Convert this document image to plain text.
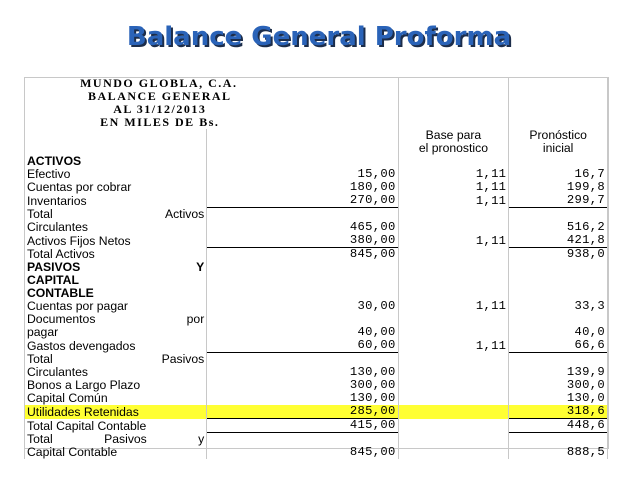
Balance General Proforma
MUNDO GLOBLA, C.A.			
BALANCE GENERAL			
AL 31/12/2013			
EN MILES DE Bs.			
		Base para	Pronóstico
		el pronostico	inicial
ACTIVOS			
Efectivo	15,00	1,11	16,7
Cuentas por cobrar	180,00	1,11	199,8
Inventarios	270,00	1,11	299,7
Total Activos			
Circulantes	465,00		516,2
Activos Fijos Netos	380,00	1,11	421,8
Total Activos	845,00		938,0
PASIVOS Y			
CAPITAL			
CONTABLE			
Cuentas por pagar	30,00	1,11	33,3
Documentos por			
pagar	40,00		40,0
Gastos devengados	60,00	1,11	66,6
Total Pasivos			
Circulantes	130,00		139,9
Bonos a Largo Plazo	300,00		300,0
Capital Común	130,00		130,0
Utilidades Retenidas	285,00		318,6
Total Capital Contable	415,00		448,6
Total Pasivos y			
Capital Contable	845,00		888,5
